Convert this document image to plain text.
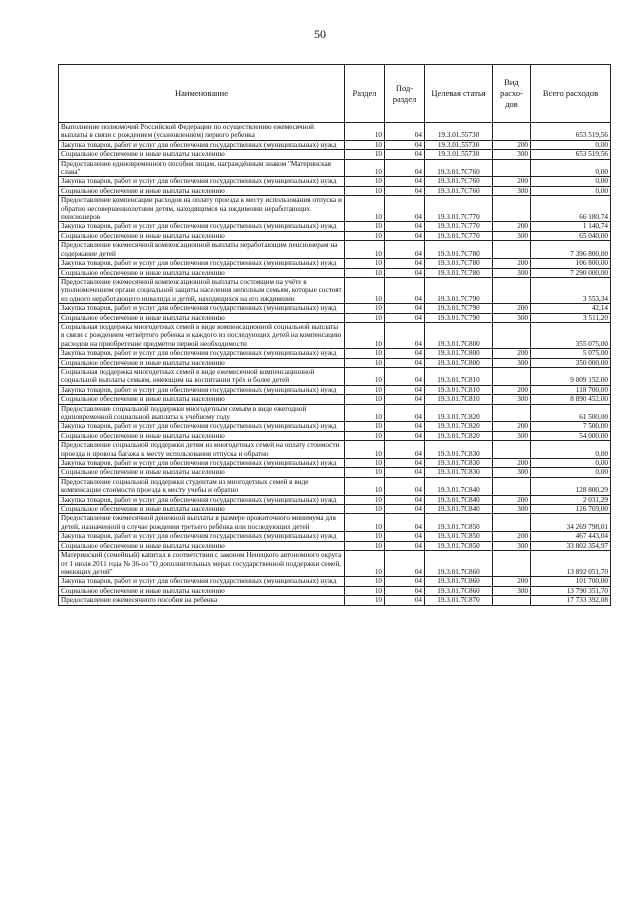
50
Наименование	Раздел	Под-раздел	Целевая статья	Вид расхо-дов	Всего расходов
Выполнение полномочий Российской Федерации по осуществлению ежемесячной выплаты в связи с рождением (усыновлением) первого ребенка	10	04	19.3.01.55730		653 519,56
Закупка товаров, работ и услуг для обеспечения государственных (муниципальных) нужд	10	04	19.3.01.55730	200	0,00
Социальное обеспечение и иные выплаты населению	10	04	19.3.01.55730	300	653 519,56
Предоставление единовременного пособия лицам, награждённым знаком "Материнская слава"	10	04	19.3.01.7С760		0,00
Закупка товаров, работ и услуг для обеспечения государственных (муниципальных) нужд	10	04	19.3.01.7С760	200	0,00
Социальное обеспечение и иные выплаты населению	10	04	19.3.01.7С760	300	0,00
Предоставление компенсации расходов на оплату проезда к месту использования отпуска и обратно несовершеннолетним детям, находящимся на иждивении неработающих пенсионеров	10	04	19.3.01.7С770		66 180,74
Закупка товаров, работ и услуг для обеспечения государственных (муниципальных) нужд	10	04	19.3.01.7С770	200	1 140,74
Социальное обеспечение и иные выплаты населению	10	04	19.3.01.7С770	300	65 040,00
Предоставление ежемесячной компенсационной выплаты неработающим пенсионерам на содержание детей	10	04	19.3.01.7С780		7 396 800,00
Закупка товаров, работ и услуг для обеспечения государственных (муниципальных) нужд	10	04	19.3.01.7С780	200	106 800,00
Социальное обеспечение и иные выплаты населению	10	04	19.3.01.7С780	300	7 290 000,00
Предоставление ежемесячной компенсационной выплаты состоящим на учёте в уполномоченном органе социальной защиты населения неполным семьям, которые состоят из одного неработающего инвалида и детей, находящихся на его иждивении	10	04	19.3.01.7С790		3 553,34
Закупка товаров, работ и услуг для обеспечения государственных (муниципальных) нужд	10	04	19.3.01.7С790	200	42,14
Социальное обеспечение и иные выплаты населению	10	04	19.3.01.7С790	300	3 511,20
Социальная поддержка многодетных семей в виде компенсационной социальной выплаты в связи с рождением четвёртого ребенка и каждого из последующих детей на компенсацию расходов на приобретение предметов первой необходимости	10	04	19.3.01.7С800		355 075,00
Закупка товаров, работ и услуг для обеспечения государственных (муниципальных) нужд	10	04	19.3.01.7С800	200	5 075,00
Социальное обеспечение и иные выплаты населению	10	04	19.3.01.7С800	300	350 000,00
Социальная поддержка многодетных семей в виде ежемесячной компенсационной социальной выплаты семьям, имеющим на воспитании трёх и более детей	10	04	19.3.01.7С810		9 009 152,00
Закупка товаров, работ и услуг для обеспечения государственных (муниципальных) нужд	10	04	19.3.01.7С810	200	118 700,00
Социальное обеспечение и иные выплаты населению	10	04	19.3.01.7С810	300	8 890 452,00
Предоставление социальной поддержки многодетным семьям в виде ежегодной единовременной социальной выплаты к учебному году	10	04	19.3.01.7С820		61 500,00
Закупка товаров, работ и услуг для обеспечения государственных (муниципальных) нужд	10	04	19.3.01.7С820	200	7 500,00
Социальное обеспечение и иные выплаты населению	10	04	19.3.01.7С820	300	54 000,00
Предоставление социальной поддержки детям из многодетных семей на оплату стоимости проезда и провоза багажа к месту использования отпуска и обратно	10	04	19.3.01.7С830		0,00
Закупка товаров, работ и услуг для обеспечения государственных (муниципальных) нужд	10	04	19.3.01.7С830	200	0,00
Социальное обеспечение и иные выплаты населению	10	04	19.3.01.7С830	300	0,00
Предоставление социальной поддержки студентам из многодетных семей в виде компенсации стоимости проезда к месту учебы и обратно	10	04	19.3.01.7С840		128 800,29
Закупка товаров, работ и услуг для обеспечения государственных (муниципальных) нужд	10	04	19.3.01.7С840	200	2 031,29
Социальное обеспечение и иные выплаты населению	10	04	19.3.01.7С840	300	126 769,00
Предоставление ежемесячной денежной выплаты в размере прожиточного минимума для детей, назначенной в случае рождения третьего ребёнка или последующих детей	10	04	19.3.01.7С850		34 269 798,01
Закупка товаров, работ и услуг для обеспечения государственных (муниципальных) нужд	10	04	19.3.01.7С850	200	467 443,04
Социальное обеспечение и иные выплаты населению	10	04	19.3.01.7С850	300	33 802 354,97
Материнский (семейный) капитал в соответствии с законом Ненецкого автономного округа от 1 июля 2011 года № 36-оз "О дополнительных мерах государственной поддержки семей, имеющих детей"	10	04	19.3.01.7С860		13 892 051,70
Закупка товаров, работ и услуг для обеспечения государственных (муниципальных) нужд	10	04	19.3.01.7С860	200	101 700,00
Социальное обеспечение и иные выплаты населению	10	04	19.3.01.7С860	300	13 790 351,70
Предоставление ежемесячного пособия на ребенка	10	04	19.3.01.7С870		17 733 392,08
